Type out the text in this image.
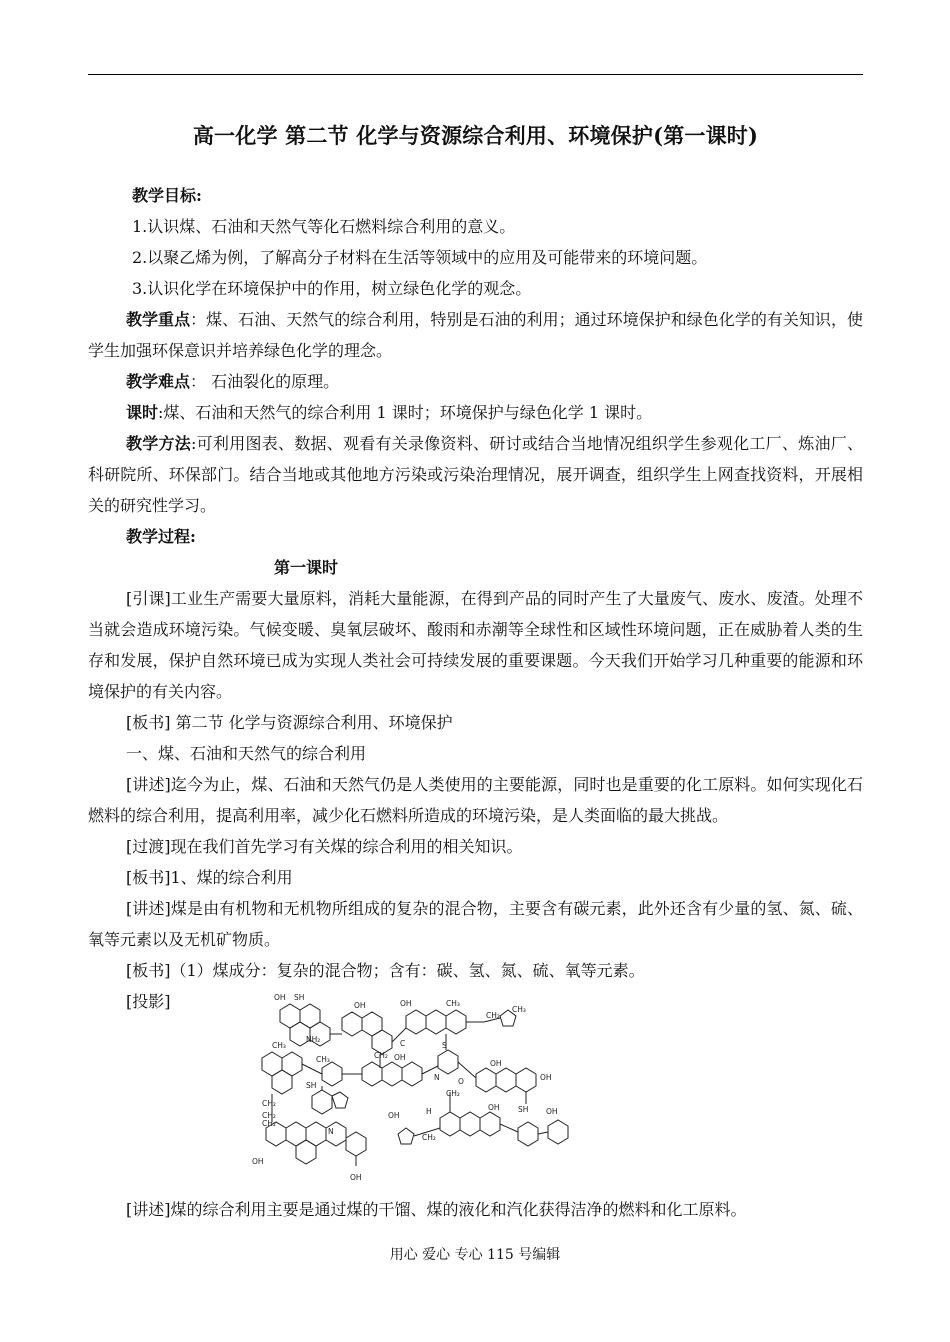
高一化学 第二节 化学与资源综合利用、环境保护(第一课时)

教学目标:

1.认识煤、石油和天然气等化石燃料综合利用的意义。

2.以聚乙烯为例，了解高分子材料在生活等领域中的应用及可能带来的环境问题。

3.认识化学在环境保护中的作用，树立绿色化学的观念。

教学重点：煤、石油、天然气的综合利用，特别是石油的利用；通过环境保护和绿色化学的有关知识，使学生加强环保意识并培养绿色化学的理念。

教学难点： 石油裂化的原理。

课时:煤、石油和天然气的综合利用 1 课时；环境保护与绿色化学 1 课时。

教学方法:可利用图表、数据、观看有关录像资料、研讨或结合当地情况组织学生参观化工厂、炼油厂、科研院所、环保部门。结合当地或其他地方污染或污染治理情况，展开调查，组织学生上网查找资料，开展相关的研究性学习。

教学过程:

第一课时

[引课]工业生产需要大量原料，消耗大量能源，在得到产品的同时产生了大量废气、废水、废渣。处理不当就会造成环境污染。气候变暖、臭氧层破坏、酸雨和赤潮等全球性和区域性环境问题，正在威胁着人类的生存和发展，保护自然环境已成为实现人类社会可持续发展的重要课题。今天我们开始学习几种重要的能源和环境保护的有关内容。

[板书] 第二节 化学与资源综合利用、环境保护

一、煤、石油和天然气的综合利用

[讲述]迄今为止，煤、石油和天然气仍是人类使用的主要能源，同时也是重要的化工原料。如何实现化石燃料的综合利用，提高利用率，减少化石燃料所造成的环境污染，是人类面临的最大挑战。

[过渡]现在我们首先学习有关煤的综合利用的相关知识。

[板书]1、煤的综合利用

[讲述]煤是由有机物和无机物所组成的复杂的混合物，主要含有碳元素，此外还含有少量的氢、氮、硫、氧等元素以及无机矿物质。

[板书]（1）煤成分：复杂的混合物；含有：碳、氢、氮、硫、氧等元素。

[投影]	OH SH
NH₂
OH	OH	CH₃
CH₂
CH₃
C
OH
S
CH₂
CH₃
CH₃
SH
CH₂
CH₂
CH₂
N O
CH₂
OH
OH
SH
OH	H
CH₂
OH	OH
OH
OH
N

[讲述]煤的综合利用主要是通过煤的干馏、煤的液化和汽化获得洁净的燃料和化工原料。

用心 爱心 专心 115 号编辑
